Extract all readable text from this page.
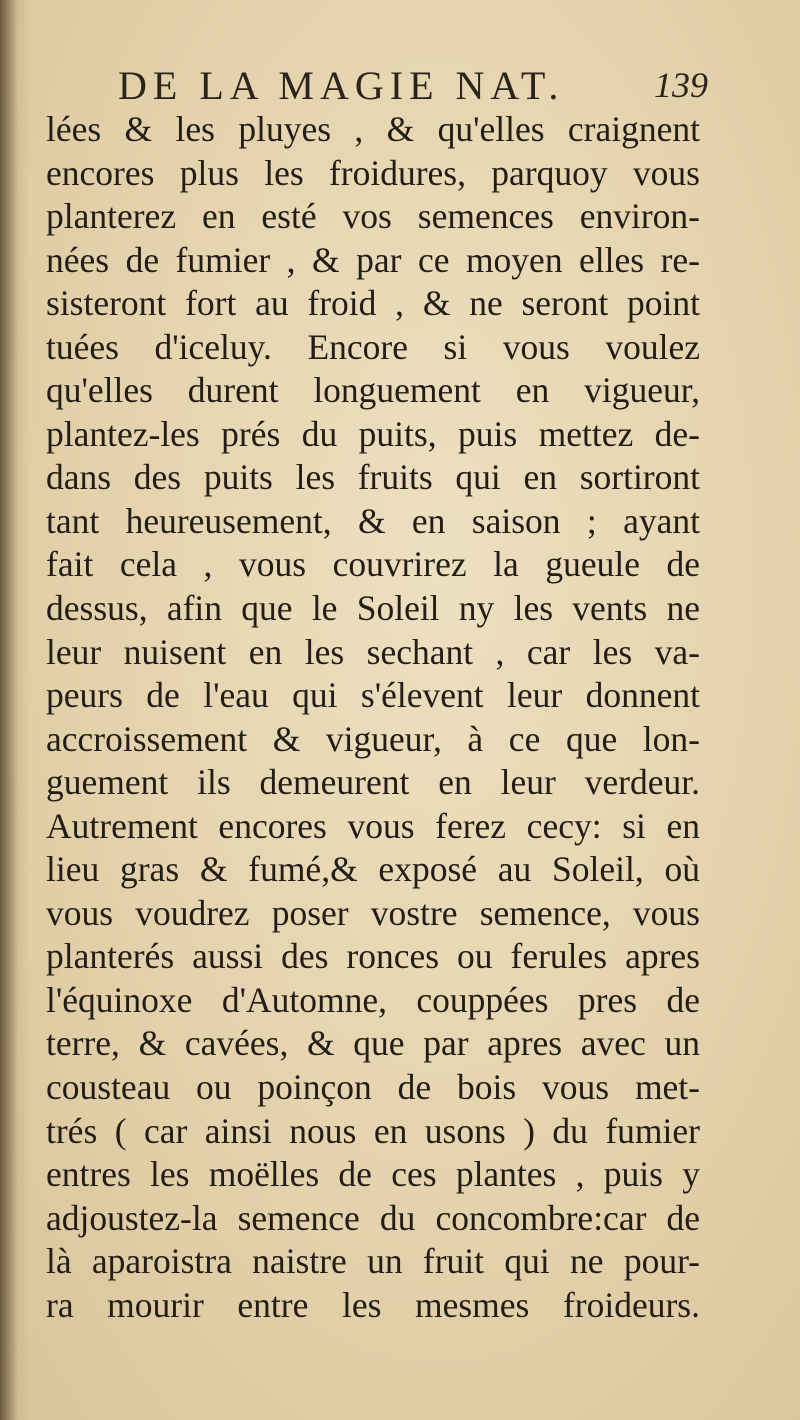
DE LA MAGIE NAT. 139
lées & les pluyes , & qu'elles craignent
encores plus les froidures, parquoy vous
planterez en esté vos semences environ-
nées de fumier , & par ce moyen elles re-
sisteront fort au froid , & ne seront point
tuées d'iceluy. Encore si vous voulez
qu'elles durent longuement en vigueur,
plantez-les prés du puits, puis mettez de-
dans des puits les fruits qui en sortiront
tant heureusement, & en saison ; ayant
fait cela , vous couvrirez la gueule de
dessus, afin que le Soleil ny les vents ne
leur nuisent en les sechant , car les va-
peurs de l'eau qui s'élevent leur donnent
accroissement & vigueur, à ce que lon-
guement ils demeurent en leur verdeur.
Autrement encores vous ferez cecy: si en
lieu gras & fumé,& exposé au Soleil, où
vous voudrez poser vostre semence, vous
planterés aussi des ronces ou ferules apres
l'équinoxe d'Automne, couppées pres de
terre, & cavées, & que par apres avec un
cousteau ou poinçon de bois vous met-
trés ( car ainsi nous en usons ) du fumier
entres les moëlles de ces plantes , puis y
adjoustez-la semence du concombre:car de
là aparoistra naistre un fruit qui ne pour-
ra mourir entre les mesmes froideurs.
